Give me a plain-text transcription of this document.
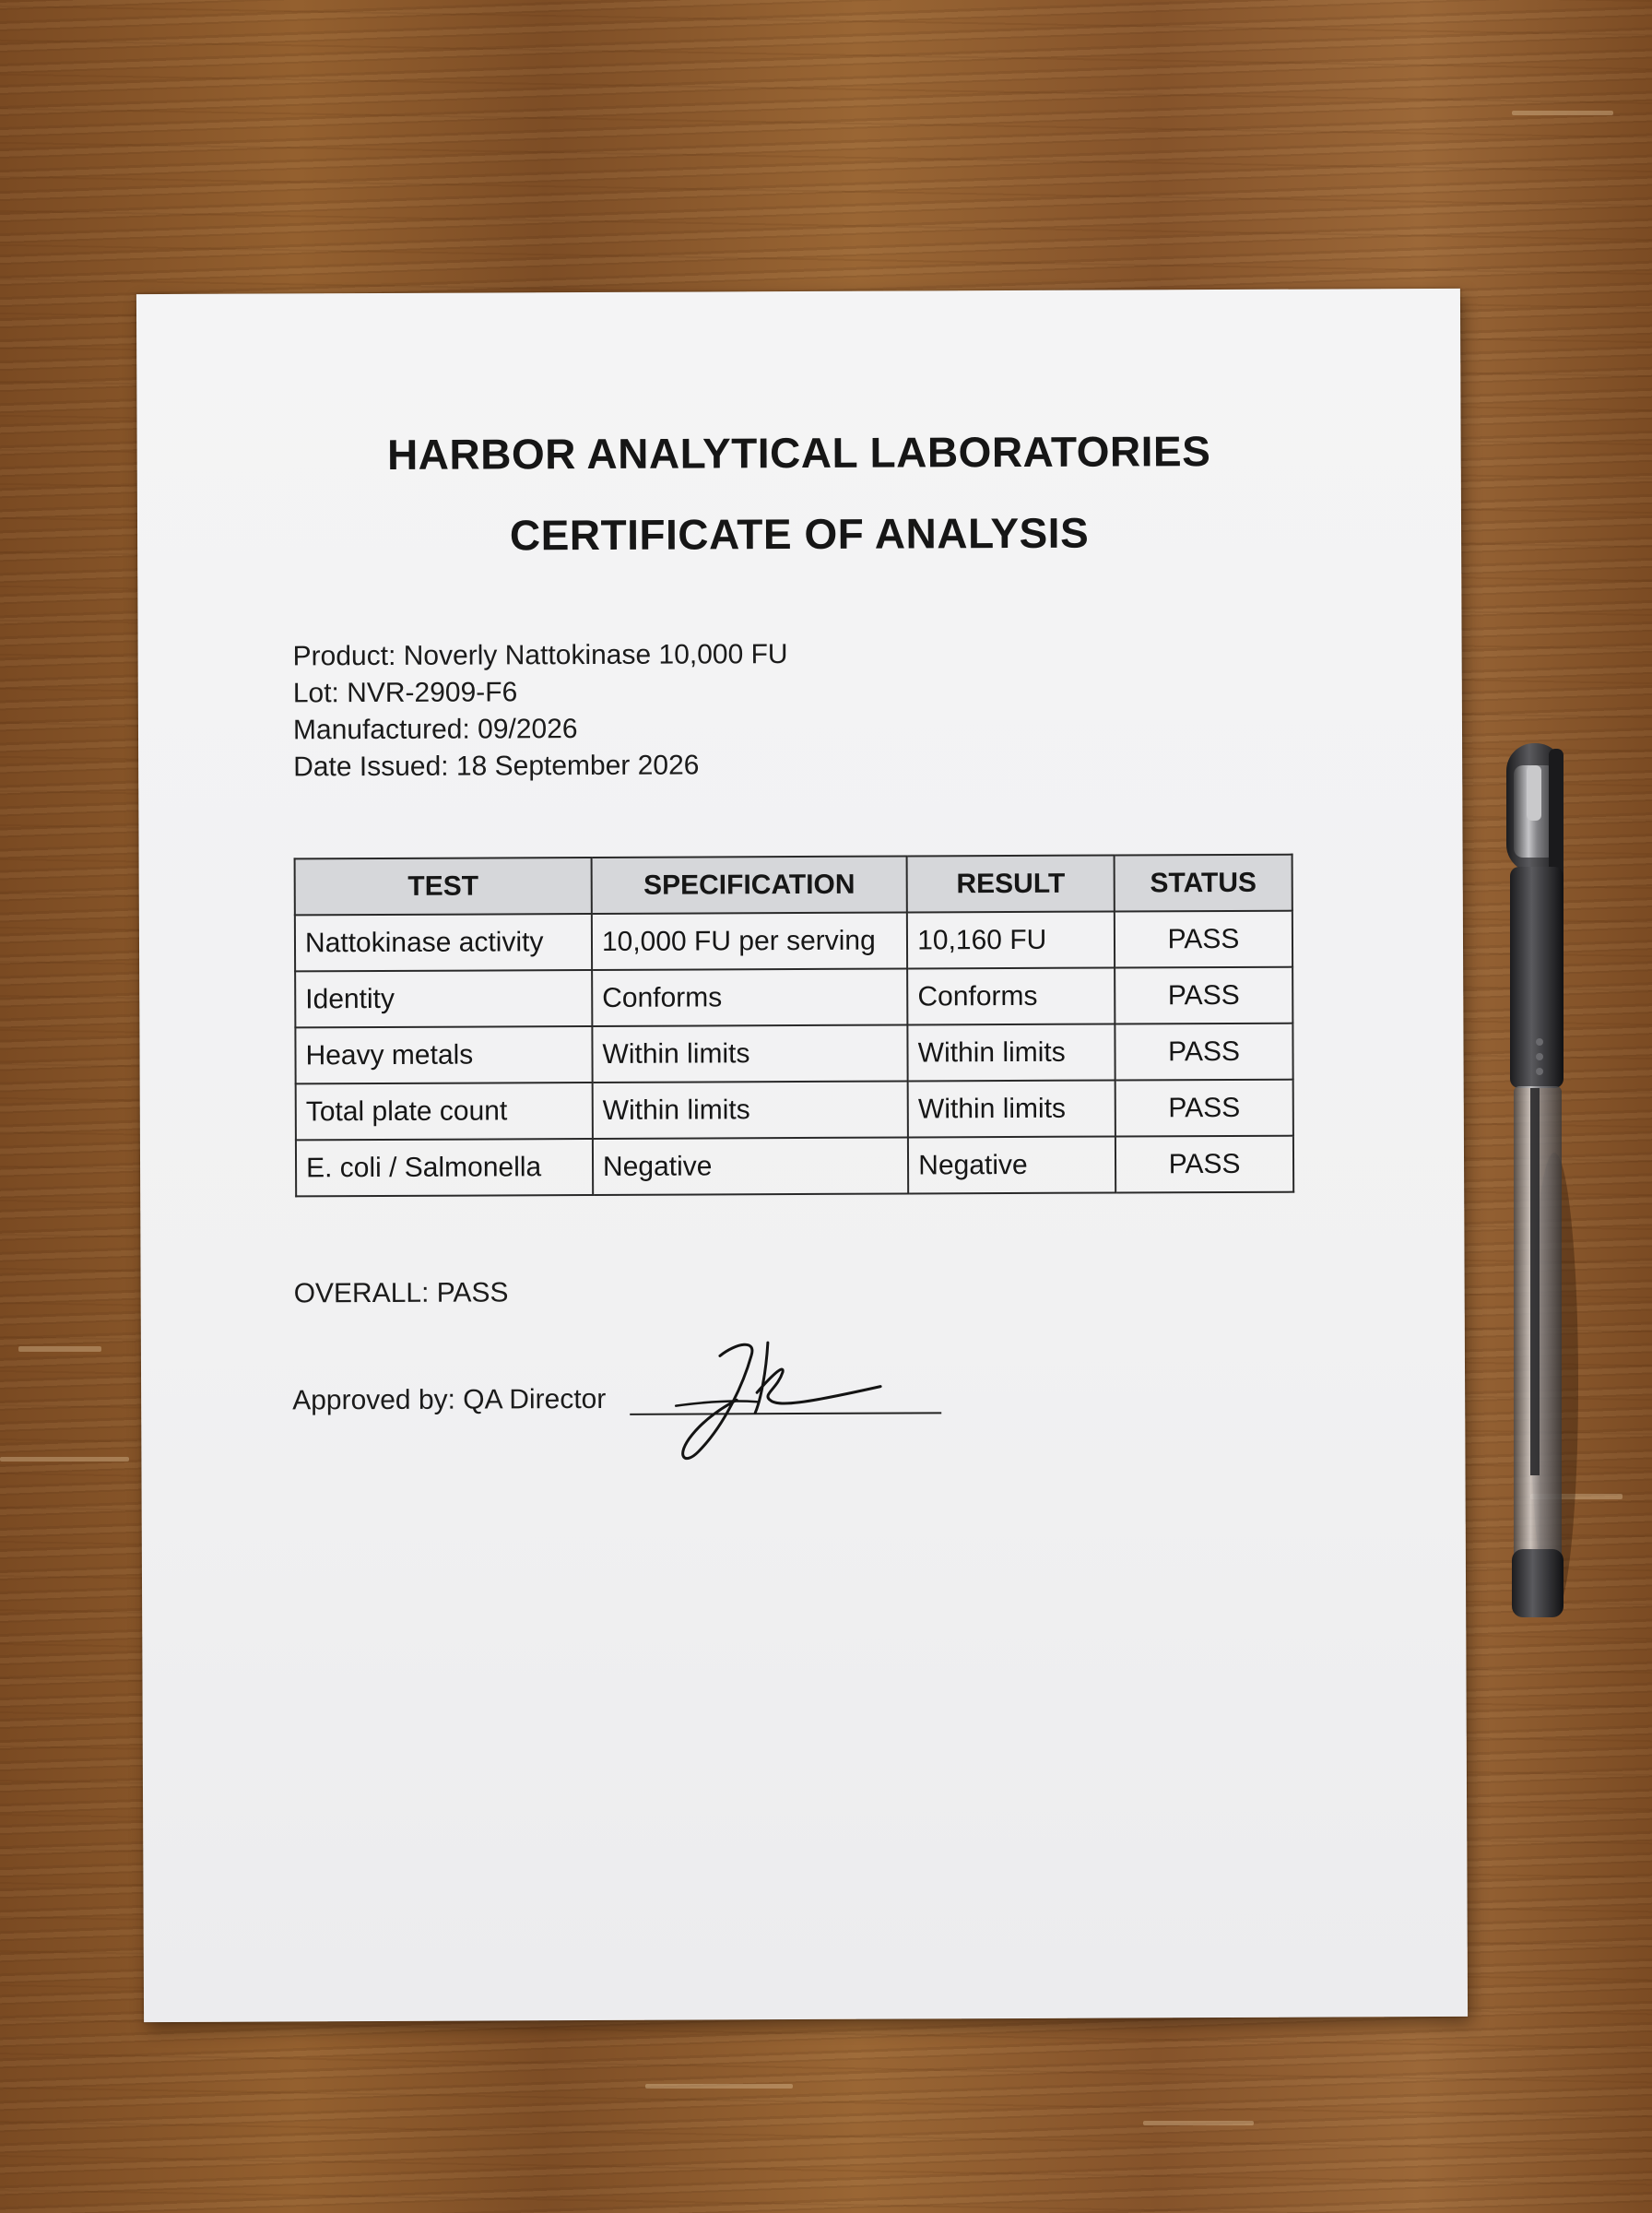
HARBOR ANALYTICAL LABORATORIES
CERTIFICATE OF ANALYSIS
Product: Noverly Nattokinase 10,000 FU
Lot: NVR-2909-F6
Manufactured: 09/2026
Date Issued: 18 September 2026
TEST	SPECIFICATION	RESULT	STATUS
Nattokinase activity	10,000 FU per serving	10,160 FU	PASS
Identity	Conforms	Conforms	PASS
Heavy metals	Within limits	Within limits	PASS
Total plate count	Within limits	Within limits	PASS
E. coli / Salmonella	Negative	Negative	PASS
OVERALL: PASS
Approved by: QA Director
